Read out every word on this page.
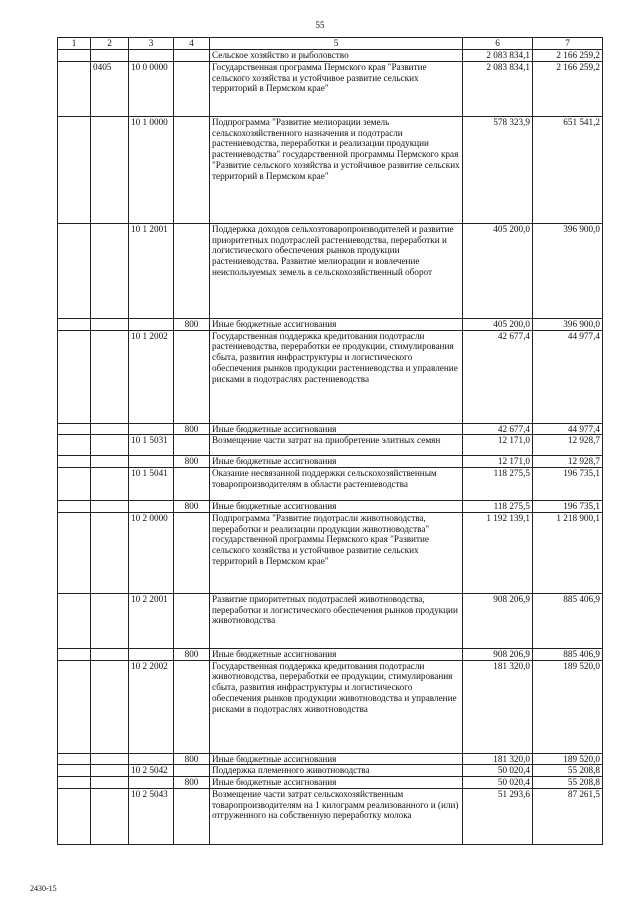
55
1	2	3	4	5	6	7
				Сельское хозяйство и рыболовство	2 083 834,1	2 166 259,2
	0405	10 0 0000		Государственная программа Пермского края "Развитие сельского хозяйства и устойчивое развитие сельских территорий в Пермском крае"	2 083 834,1	2 166 259,2
		10 1 0000		Подпрограмма "Развитие мелиорации земель сельскохозяйственного назначения и подотрасли растениеводства, переработки и реализации продукции растениеводства" государственной программы Пермского края "Развитие сельского хозяйства и устойчивое развитие сельских территорий в Пермском крае"	578 323,9	651 541,2
		10 1 2001		Поддержка доходов сельхозтоваропроизводителей и развитие приоритетных подотраслей растениеводства, переработки и логистического обеспечения рынков продукции растениеводства. Развитие мелиорации и вовлечение неиспользуемых земель в сельскохозяйственный оборот	405 200,0	396 900,0
			800	Иные бюджетные ассигнования	405 200,0	396 900,0
		10 1 2002		Государственная поддержка кредитования подотрасли растениеводства, переработки ее продукции, стимулирования сбыта, развития инфраструктуры и логистического обеспечения рынков продукции растениеводства и управление рисками в подотраслях растениеводства	42 677,4	44 977,4
			800	Иные бюджетные ассигнования	42 677,4	44 977,4
		10 1 5031		Возмещение части затрат на приобретение элитных семян	12 171,0	12 928,7
			800	Иные бюджетные ассигнования	12 171,0	12 928,7
		10 1 5041		Оказание несвязанной поддержки сельскохозяйственным товаропроизводителям в области растениеводства	118 275,5	196 735,1
			800	Иные бюджетные ассигнования	118 275,5	196 735,1
		10 2 0000		Подпрограмма "Развитие подотрасли животноводства, переработки и реализации продукции животноводства" государственной программы Пермского края "Развитие сельского хозяйства и устойчивое развитие сельских территорий в Пермском крае"	1 192 139,1	1 218 900,1
		10 2 2001		Развитие приоритетных подотраслей животноводства, переработки и логистического обеспечения рынков продукции животноводства	908 206,9	885 406,9
			800	Иные бюджетные ассигнования	908 206,9	885 406,9
		10 2 2002		Государственная поддержка кредитования подотрасли животноводства, переработки ее продукции, стимулирования сбыта, развития инфраструктуры и логистического обеспечения рынков продукции животноводства и управление рисками в подотраслях животноводства	181 320,0	189 520,0
			800	Иные бюджетные ассигнования	181 320,0	189 520,0
		10 2 5042		Поддержка племенного животноводства	50 020,4	55 208,8
			800	Иные бюджетные ассигнования	50 020,4	55 208,8
		10 2 5043		Возмещение части затрат сельскохозяйственным товаропроизводителям на 1 килограмм реализованного и (или) отгруженного на собственную переработку молока	51 293,6	87 261,5
2430-15
